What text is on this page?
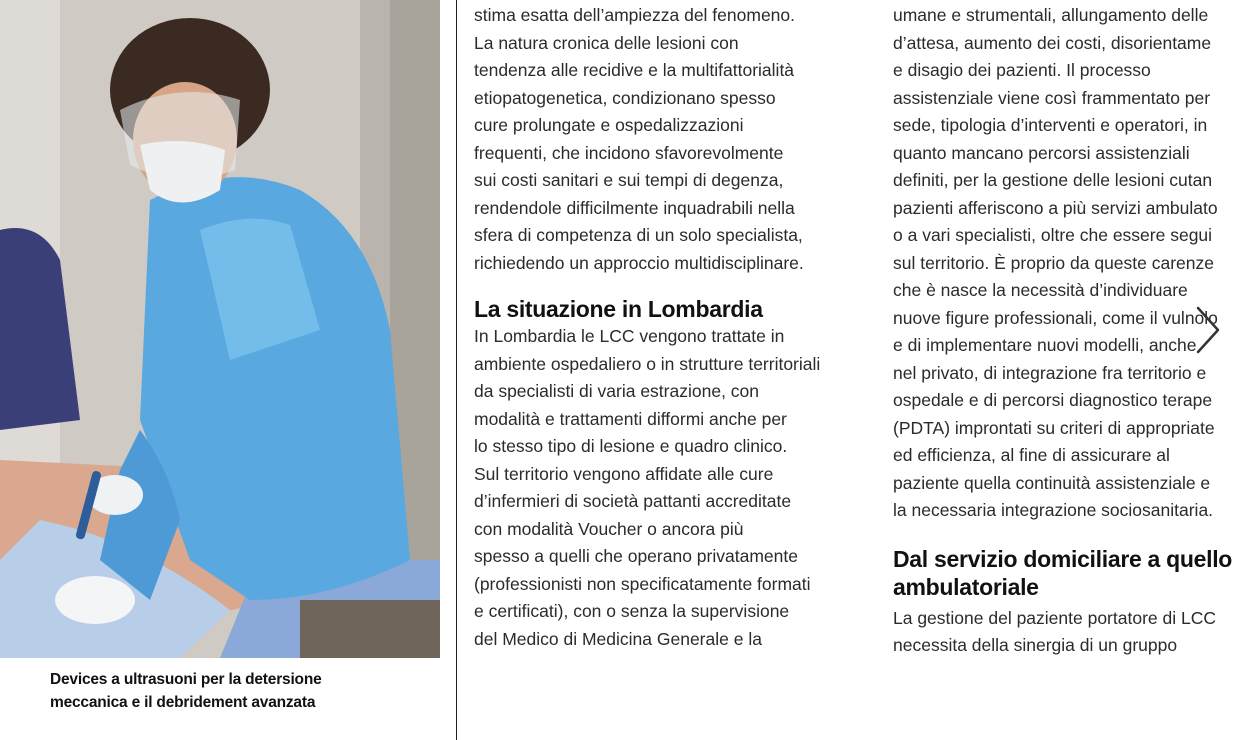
Devices a ultrasuoni per la detersione
meccanica e il debridement avanzata
stima esatta dell’ampiezza del fenomeno.
La natura cronica delle lesioni con
tendenza alle recidive e la multifattorialità
etiopatogenetica, condizionano spesso
cure prolungate e ospedalizzazioni
frequenti, che incidono sfavorevolmente
sui costi sanitari e sui tempi di degenza,
rendendole difficilmente inquadrabili nella
sfera di competenza di un solo specialista,
richiedendo un approccio multidisciplinare.
La situazione in Lombardia
In Lombardia le LCC vengono trattate in
ambiente ospedaliero o in strutture territoriali
da specialisti di varia estrazione, con
modalità e trattamenti difformi anche per
lo stesso tipo di lesione e quadro clinico.
Sul territorio vengono affidate alle cure
d’infermieri di società pattanti accreditate
con modalità Voucher o ancora più
spesso a quelli che operano privatamente
(professionisti non specificatamente formati
e certificati), con o senza la supervisione
del Medico di Medicina Generale e la
umane e strumentali, allungamento delle
d’attesa, aumento dei costi, disorientame
e disagio dei pazienti. Il processo
assistenziale viene così frammentato per
sede, tipologia d’interventi e operatori, in
quanto mancano percorsi assistenziali
definiti, per la gestione delle lesioni cutan
pazienti afferiscono a più servizi ambulato
o a vari specialisti, oltre che essere segui
sul territorio. È proprio da queste carenze
che è nasce la necessità d’individuare
nuove figure professionali, come il vulnolo
e di implementare nuovi modelli, anche
nel privato, di integrazione fra territorio e
ospedale e di percorsi diagnostico terape
(PDTA) improntati su criteri di appropriate
ed efficienza, al fine di assicurare al
paziente quella continuità assistenziale e
la necessaria integrazione sociosanitaria.
Dal servizio domiciliare a quello
ambulatoriale
La gestione del paziente portatore di LCC
necessita della sinergia di un gruppo
